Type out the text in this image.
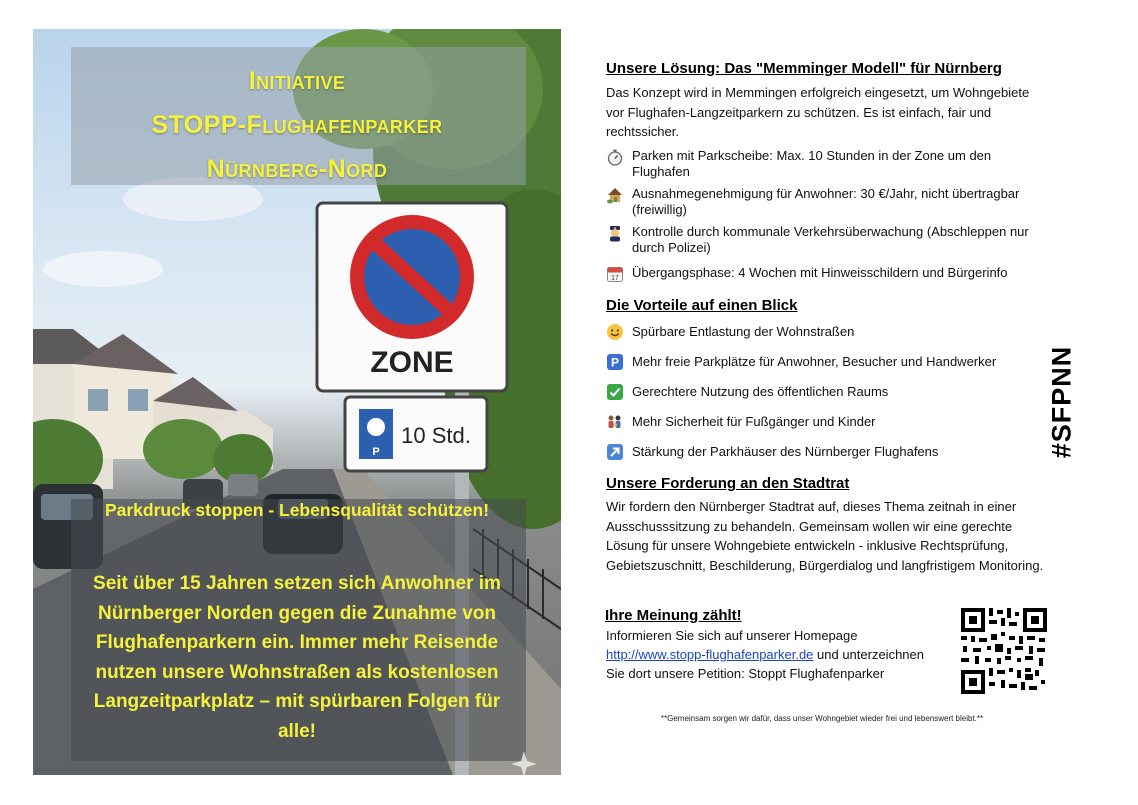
ZONE
P
10 Std.
Initiative
STOPP-Flughafenparker
Nürnberg-Nord
Parkdruck stoppen - Lebensqualität schützen!
Seit über 15 Jahren setzen sich Anwohner im Nürnberger Norden gegen die Zunahme von Flughafenparkern ein. Immer mehr Reisende nutzen unsere Wohnstraßen als kostenlosen Langzeitparkplatz – mit spürbaren Folgen für alle!
Unsere Lösung: Das "Memminger Modell" für Nürnberg
Das Konzept wird in Memmingen erfolgreich eingesetzt, um Wohngebiete vor Flughafen-Langzeitparkern zu schützen. Es ist einfach, fair und rechtssicher.
Parken mit Parkscheibe: Max. 10 Stunden in der Zone um den Flughafen
Ausnahmegenehmigung für Anwohner: 30 €/Jahr, nicht übertragbar (freiwillig)
Kontrolle durch kommunale Verkehrsüberwachung (Abschleppen nur durch Polizei)
17 Übergangsphase: 4 Wochen mit Hinweisschildern und Bürgerinfo
Die Vorteile auf einen Blick
Spürbare Entlastung der Wohnstraßen
P Mehr freie Parkplätze für Anwohner, Besucher und Handwerker
Gerechtere Nutzung des öffentlichen Raums
Mehr Sicherheit für Fußgänger und Kinder
Stärkung der Parkhäuser des Nürnberger Flughafens
Unsere Forderung an den Stadtrat
Wir fordern den Nürnberger Stadtrat auf, dieses Thema zeitnah in einer Ausschusssitzung zu behandeln. Gemeinsam wollen wir eine gerechte Lösung für unsere Wohngebiete entwickeln - inklusive Rechtsprüfung, Gebietszuschnitt, Beschilderung, Bürgerdialog und langfristigem Monitoring.
Ihre Meinung zählt!
Informieren Sie sich auf unserer Homepage
http://www.stopp-flughafenparker.de und unterzeichnen
Sie dort unsere Petition: Stoppt Flughafenparker
#SFPNN
**Gemeinsam sorgen wir dafür, dass unser Wohngebiet wieder frei und lebenswert bleibt.**
